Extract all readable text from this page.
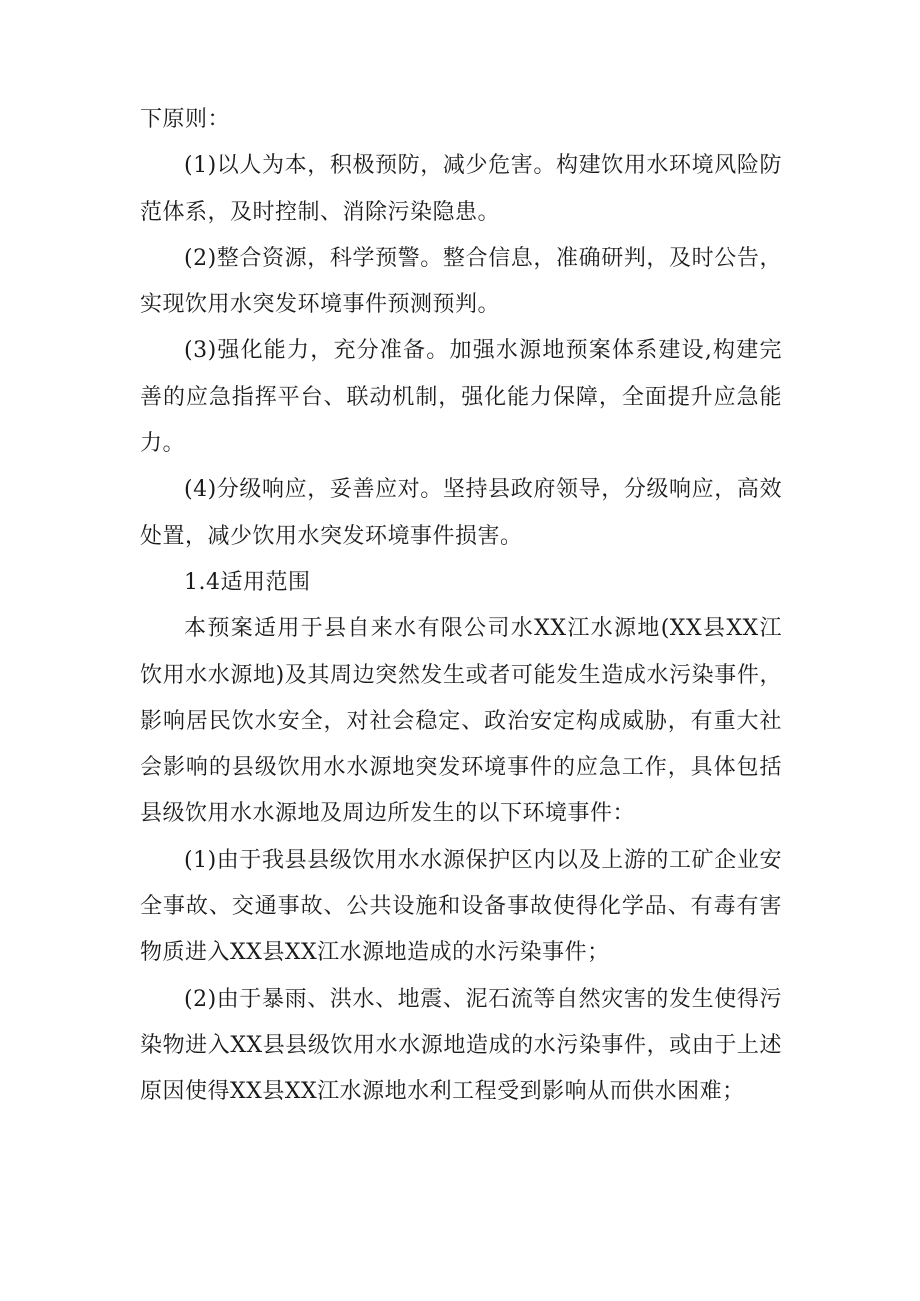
下原则：

(1)以人为本，积极预防，减少危害。构建饮用水环境风险防范体系，及时控制、消除污染隐患。

(2)整合资源，科学预警。整合信息，准确研判，及时公告，实现饮用水突发环境事件预测预判。

(3)强化能力，充分准备。加强水源地预案体系建设,构建完善的应急指挥平台、联动机制，强化能力保障，全面提升应急能力。

(4)分级响应，妥善应对。坚持县政府领导，分级响应，高效处置，减少饮用水突发环境事件损害。

1.4适用范围

本预案适用于县自来水有限公司水XX江水源地(XX县XX江饮用水水源地)及其周边突然发生或者可能发生造成水污染事件，影响居民饮水安全，对社会稳定、政治安定构成威胁，有重大社会影响的县级饮用水水源地突发环境事件的应急工作，具体包括县级饮用水水源地及周边所发生的以下环境事件：

(1)由于我县县级饮用水水源保护区内以及上游的工矿企业安全事故、交通事故、公共设施和设备事故使得化学品、有毒有害物质进入XX县XX江水源地造成的水污染事件；

(2)由于暴雨、洪水、地震、泥石流等自然灾害的发生使得污染物进入XX县县级饮用水水源地造成的水污染事件，或由于上述原因使得XX县XX江水源地水利工程受到影响从而供水困难；
